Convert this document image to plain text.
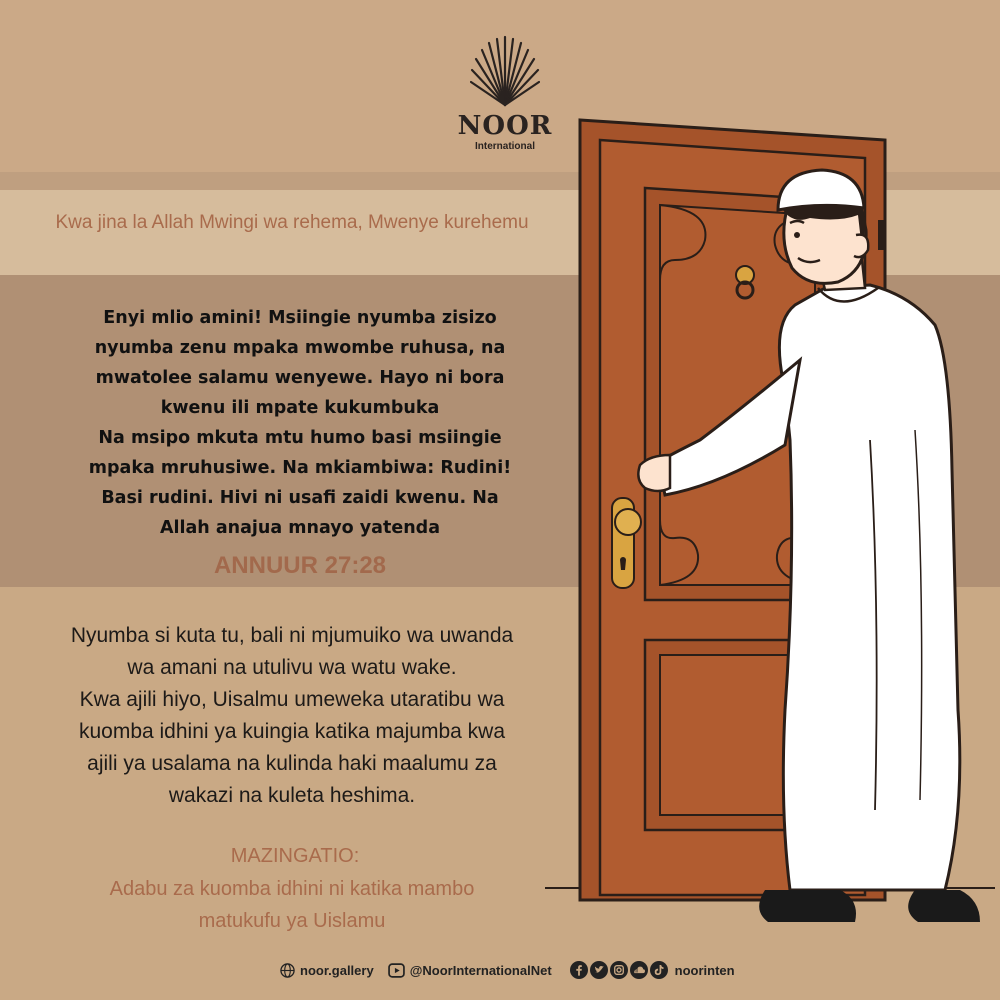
NOOR
International
Kwa jina la Allah Mwingi wa rehema, Mwenye kurehemu

Enyi mlio amini! Msiingie nyumba zisizo

nyumba zenu mpaka mwombe ruhusa, na

mwatolee salamu wenyewe. Hayo ni bora

kwenu ili mpate kukumbuka

Na msipo mkuta mtu humo basi msiingie

mpaka mruhusiwe. Na mkiambiwa: Rudini!

Basi rudini. Hivi ni usafi zaidi kwenu. Na

Allah anajua mnayo yatenda

ANNUUR 27:28

Nyumba si kuta tu, bali ni mjumuiko wa uwanda

wa amani na utulivu wa watu wake.

Kwa ajili hiyo, Uisalmu umeweka utaratibu wa

kuomba idhini ya kuingia katika majumba kwa

ajili ya usalama na kulinda haki maalumu za

wakazi na kuleta heshima.

MAZINGATIO:
Adabu za kuomba idhini ni katika mambo
matukufu ya Uislamu
noor.gallery	@NoorInternationalNet	noorinten
